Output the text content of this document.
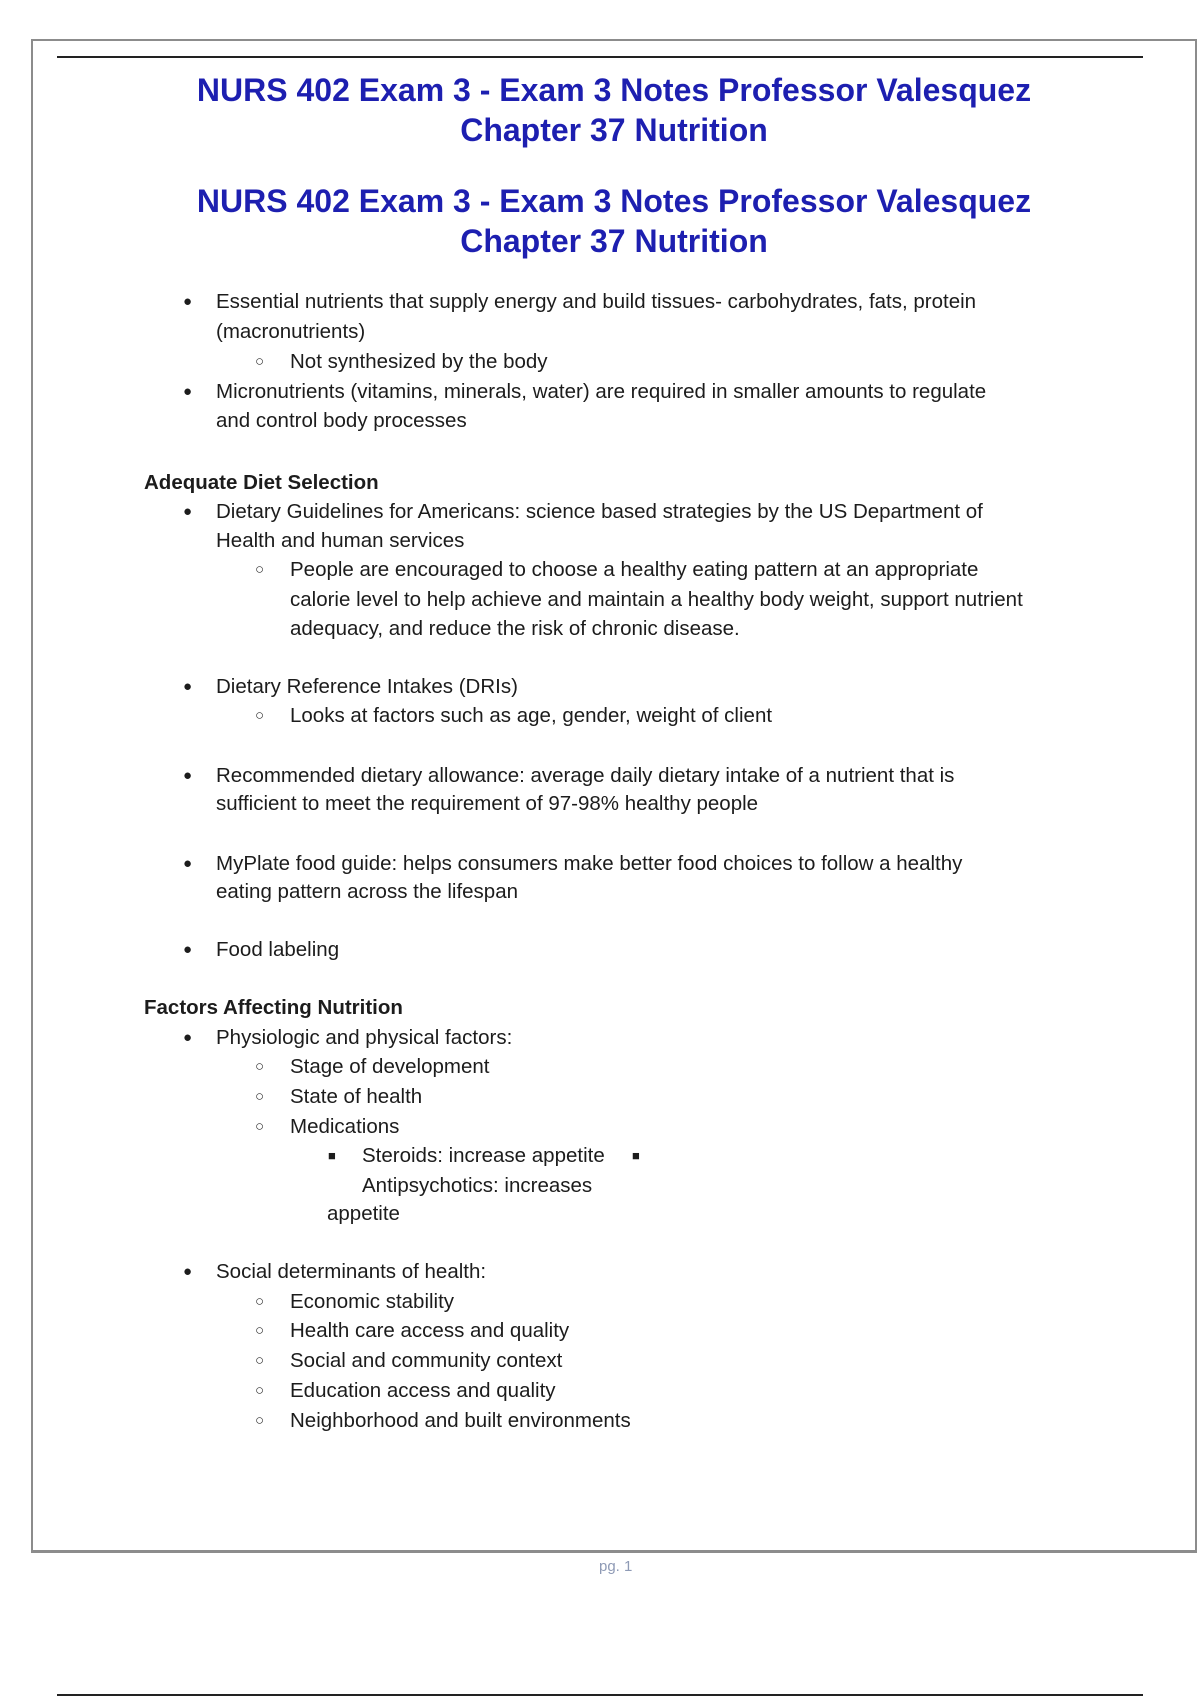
NURS 402 Exam 3 - Exam 3 Notes Professor Valesquez
Chapter 37 Nutrition
NURS 402 Exam 3 - Exam 3 Notes Professor Valesquez
Chapter 37 Nutrition
● Essential nutrients that supply energy and build tissues- carbohydrates, fats, protein
(macronutrients)
○ Not synthesized by the body
● Micronutrients (vitamins, minerals, water) are required in smaller amounts to regulate
and control body processes
Adequate Diet Selection
● Dietary Guidelines for Americans: science based strategies by the US Department of
Health and human services
○ People are encouraged to choose a healthy eating pattern at an appropriate
calorie level to help achieve and maintain a healthy body weight, support nutrient
adequacy, and reduce the risk of chronic disease.
● Dietary Reference Intakes (DRIs)
○ Looks at factors such as age, gender, weight of client
● Recommended dietary allowance: average daily dietary intake of a nutrient that is
sufficient to meet the requirement of 97-98% healthy people
● MyPlate food guide: helps consumers make better food choices to follow a healthy
eating pattern across the lifespan
● Food labeling
Factors Affecting Nutrition
● Physiologic and physical factors:
○ Stage of development
○ State of health
○ Medications
■ Steroids: increase appetite ■
Antipsychotics: increases
appetite
● Social determinants of health:
○ Economic stability
○ Health care access and quality
○ Social and community context
○ Education access and quality
○ Neighborhood and built environments
pg. 1
